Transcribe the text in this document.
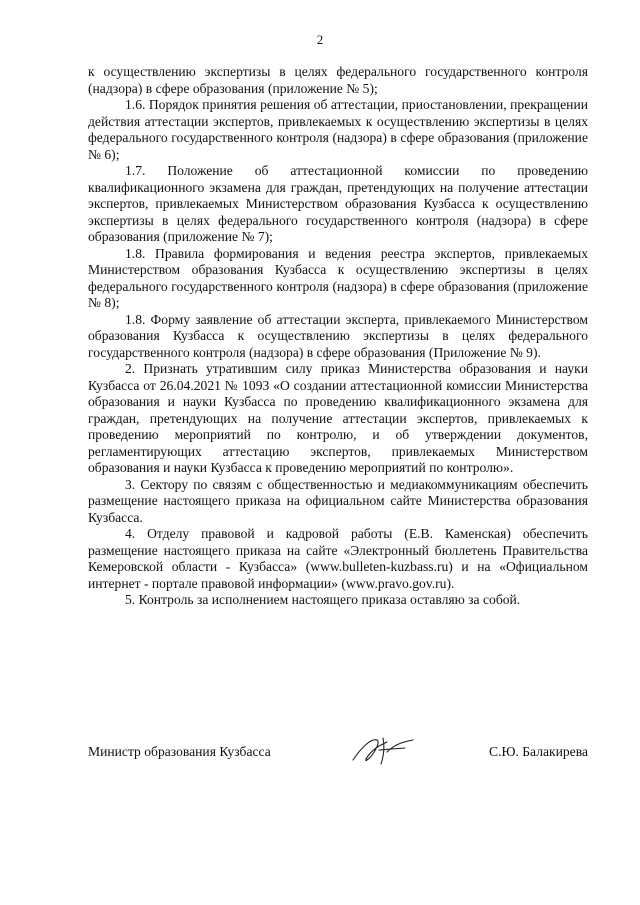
2

к осуществлению экспертизы в целях федерального государственного контроля (надзора) в сфере образования (приложение № 5);

1.6. Порядок принятия решения об аттестации, приостановлении, прекращении действия аттестации экспертов, привлекаемых к осуществлению экспертизы в целях федерального государственного контроля (надзора) в сфере образования (приложение № 6);

1.7. Положение об аттестационной комиссии по проведению квалификационного экзамена для граждан, претендующих на получение аттестации экспертов, привлекаемых Министерством образования Кузбасса к осуществлению экспертизы в целях федерального государственного контроля (надзора) в сфере образования (приложение № 7);

1.8. Правила формирования и ведения реестра экспертов, привлекаемых Министерством образования Кузбасса к осуществлению экспертизы в целях федерального государственного контроля (надзора) в сфере образования (приложение № 8);

1.8. Форму заявление об аттестации эксперта, привлекаемого Министерством образования Кузбасса к осуществлению экспертизы в целях федерального государственного контроля (надзора) в сфере образования (Приложение № 9).

2. Признать утратившим силу приказ Министерства образования и науки Кузбасса от 26.04.2021 № 1093 «О создании аттестационной комиссии Министерства образования и науки Кузбасса по проведению квалификационного экзамена для граждан, претендующих на получение аттестации экспертов, привлекаемых к проведению мероприятий по контролю, и об утверждении документов, регламентирующих аттестацию экспертов, привлекаемых Министерством образования и науки Кузбасса к проведению мероприятий по контролю».

3. Сектору по связям с общественностью и медиакоммуникациям обеспечить размещение настоящего приказа на официальном сайте Министерства образования Кузбасса.

4. Отделу правовой и кадровой работы (Е.В. Каменская) обеспечить размещение настоящего приказа на сайте «Электронный бюллетень Правительства Кемеровской области - Кузбасса» (www.bulleten-kuzbass.ru) и на «Официальном интернет - портале правовой информации» (www.pravo.gov.ru).

5. Контроль за исполнением настоящего приказа оставляю за собой.

Министр образования Кузбасса	С.Ю. Балакирева
